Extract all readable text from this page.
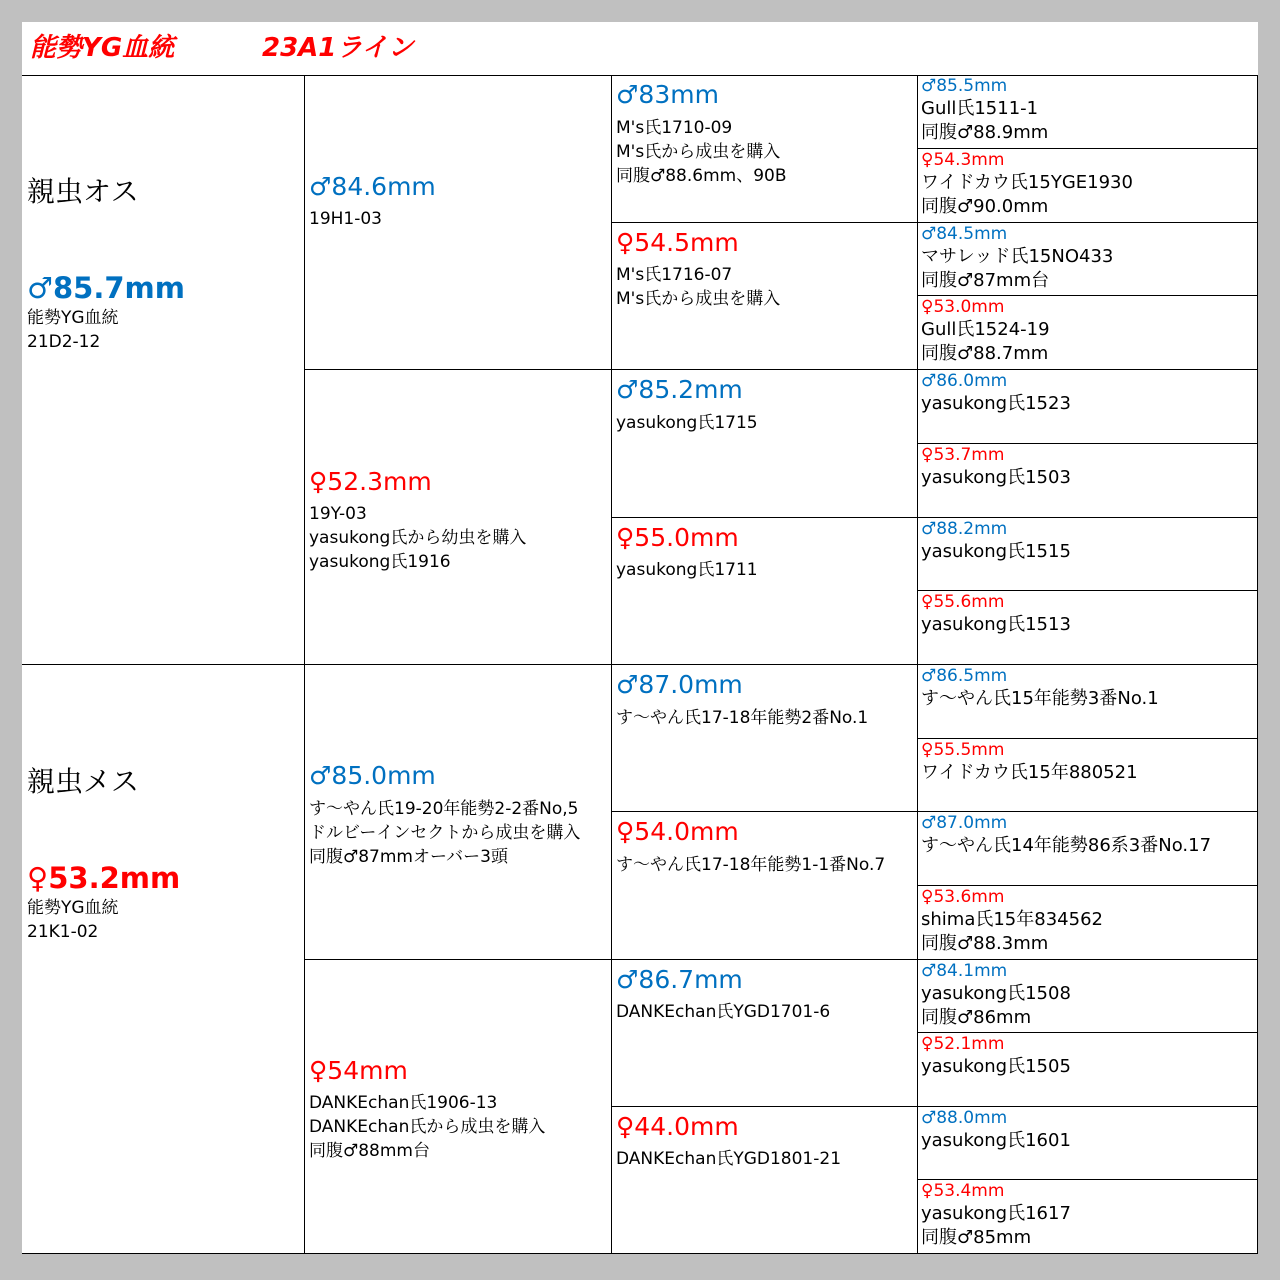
能勢YG血統	23A1ライン
親虫オス
♂85.7mm
能勢YG血統
21D2-12
親虫メス
♀53.2mm
能勢YG血統
21K1-02
♂84.6mm
19H1-03
♂83mm
M's氏1710-09
M's氏から成虫を購入
同腹♂88.6mm、90B
♂85.5mm
Gull氏1511-1
同腹♂88.9mm
♀54.3mm
ワイドカウ氏15YGE1930
同腹♂90.0mm
♀54.5mm
M's氏1716-07
M's氏から成虫を購入
♂84.5mm
マサレッド氏15NO433
同腹♂87mm台
♀53.0mm
Gull氏1524-19
同腹♂88.7mm
♀52.3mm
19Y-03
yasukong氏から幼虫を購入
yasukong氏1916
♂85.2mm
yasukong氏1715
♂86.0mm
yasukong氏1523
♀53.7mm
yasukong氏1503
♀55.0mm
yasukong氏1711
♂88.2mm
yasukong氏1515
♀55.6mm
yasukong氏1513
♂85.0mm
す～やん氏19-20年能勢2-2番No,5
ドルビーインセクトから成虫を購入
同腹♂87mmオーバー3頭
♂87.0mm
す～やん氏17-18年能勢2番No.1
♂86.5mm
す～やん氏15年能勢3番No.1
♀55.5mm
ワイドカウ氏15年880521
♀54.0mm
す～やん氏17-18年能勢1-1番No.7
♂87.0mm
す～やん氏14年能勢86系3番No.17
♀53.6mm
shima氏15年834562
同腹♂88.3mm
♀54mm
DANKEchan氏1906-13
DANKEchan氏から成虫を購入
同腹♂88mm台
♂86.7mm
DANKEchan氏YGD1701-6
♂84.1mm
yasukong氏1508
同腹♂86mm
♀52.1mm
yasukong氏1505
♀44.0mm
DANKEchan氏YGD1801-21
♂88.0mm
yasukong氏1601
♀53.4mm
yasukong氏1617
同腹♂85mm
